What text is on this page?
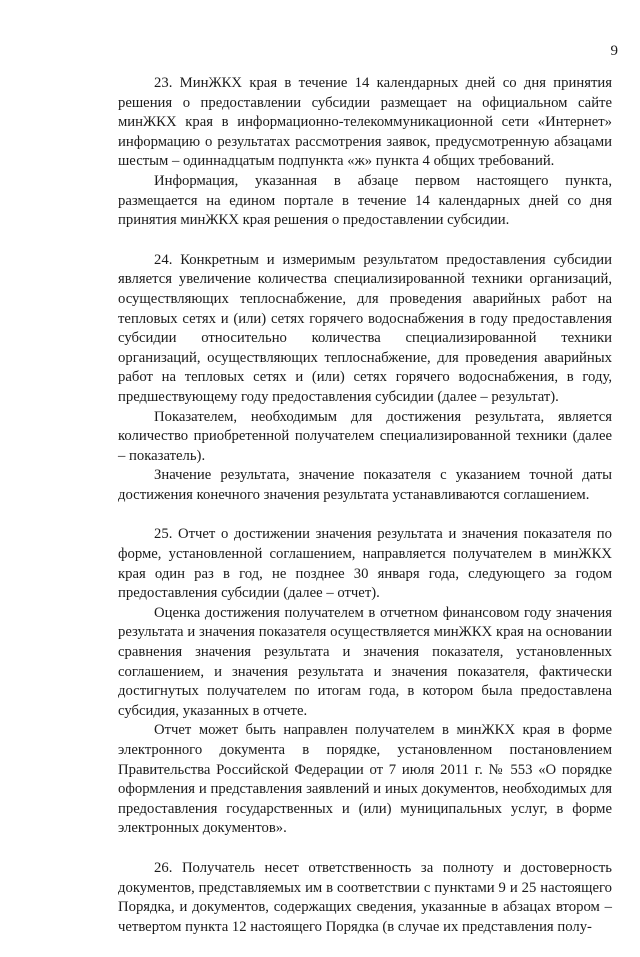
9

23. МинЖКХ края в течение 14 календарных дней со дня принятия решения о предоставлении субсидии размещает на официальном сайте минЖКХ края в информационно-телекоммуникационной сети «Интернет» информацию о результатах рассмотрения заявок, предусмотренную абзацами шестым – одиннадцатым подпункта «ж» пункта 4 общих требований.

Информация, указанная в абзаце первом настоящего пункта, размещается на едином портале в течение 14 календарных дней со дня принятия минЖКХ края решения о предоставлении субсидии.

24. Конкретным и измеримым результатом предоставления субсидии является увеличение количества специализированной техники организаций, осуществляющих теплоснабжение, для проведения аварийных работ на тепловых сетях и (или) сетях горячего водоснабжения в году предоставления субсидии относительно количества специализированной техники организаций, осуществляющих теплоснабжение, для проведения аварийных работ на тепловых сетях и (или) сетях горячего водоснабжения, в году, предшествующему году предоставления субсидии (далее – результат).

Показателем, необходимым для достижения результата, является количество приобретенной получателем специализированной техники (далее – показатель).

Значение результата, значение показателя с указанием точной даты достижения конечного значения результата устанавливаются соглашением.

25. Отчет о достижении значения результата и значения показателя по форме, установленной соглашением, направляется получателем в минЖКХ края один раз в год, не позднее 30 января года, следующего за годом предоставления субсидии (далее – отчет).

Оценка достижения получателем в отчетном финансовом году значения результата и значения показателя осуществляется минЖКХ края на основании сравнения значения результата и значения показателя, установленных соглашением, и значения результата и значения показателя, фактически достигнутых получателем по итогам года, в котором была предоставлена субсидия, указанных в отчете.

Отчет может быть направлен получателем в минЖКХ края в форме электронного документа в порядке, установленном постановлением Правительства Российской Федерации от 7 июля 2011 г. № 553 «О порядке оформления и представления заявлений и иных документов, необходимых для предоставления государственных и (или) муниципальных услуг, в форме электронных документов».

26. Получатель несет ответственность за полноту и достоверность документов, представляемых им в соответствии с пунктами 9 и 25 настоящего Порядка, и документов, содержащих сведения, указанные в абзацах втором – четвертом пункта 12 настоящего Порядка (в случае их представления полу-
